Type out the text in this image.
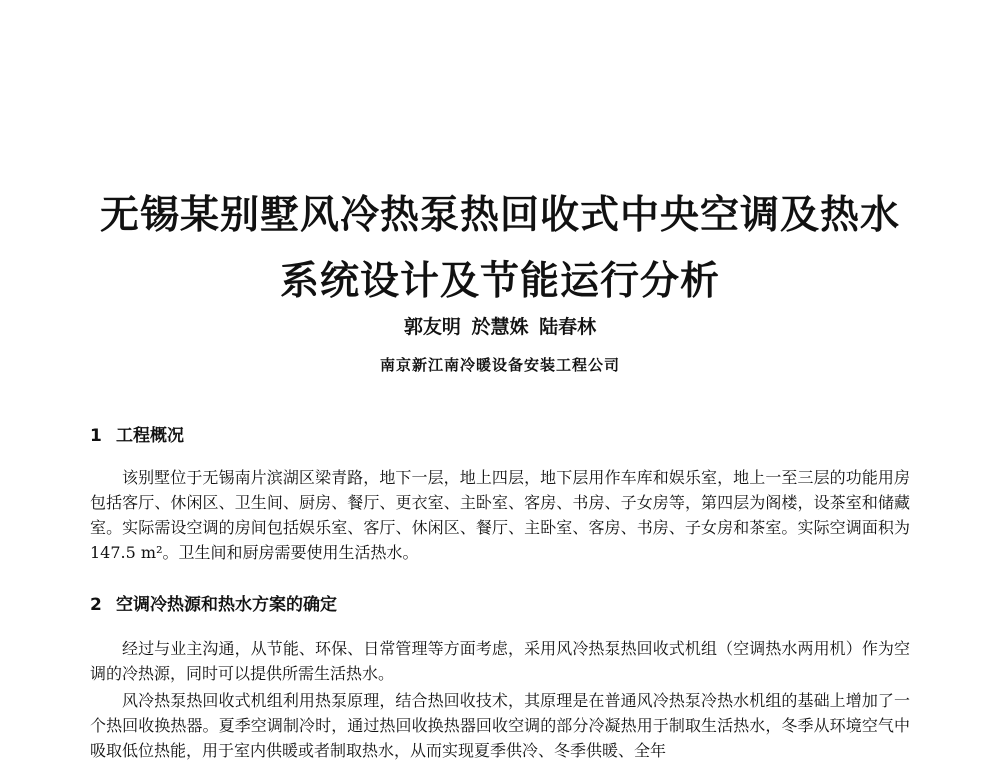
无锡某别墅风冷热泵热回收式中央空调及热水
系统设计及节能运行分析
郭友明 於慧姝 陆春林
南京新江南冷暖设备安装工程公司
1 工程概况

该别墅位于无锡南片滨湖区梁青路，地下一层，地上四层，地下层用作车库和娱乐室，地上一至三层的功能用房包括客厅、休闲区、卫生间、厨房、餐厅、更衣室、主卧室、客房、书房、子女房等，第四层为阁楼，设茶室和储藏室。实际需设空调的房间包括娱乐室、客厅、休闲区、餐厅、主卧室、客房、书房、子女房和茶室。实际空调面积为 147.5 m²。卫生间和厨房需要使用生活热水。

2 空调冷热源和热水方案的确定

经过与业主沟通，从节能、环保、日常管理等方面考虑，采用风冷热泵热回收式机组（空调热水两用机）作为空调的冷热源，同时可以提供所需生活热水。

风冷热泵热回收式机组利用热泵原理，结合热回收技术，其原理是在普通风冷热泵冷热水机组的基础上增加了一个热回收换热器。夏季空调制冷时，通过热回收换热器回收空调的部分冷凝热用于制取生活热水，冬季从环境空气中吸取低位热能，用于室内供暖或者制取热水，从而实现夏季供冷、冬季供暖、全年
